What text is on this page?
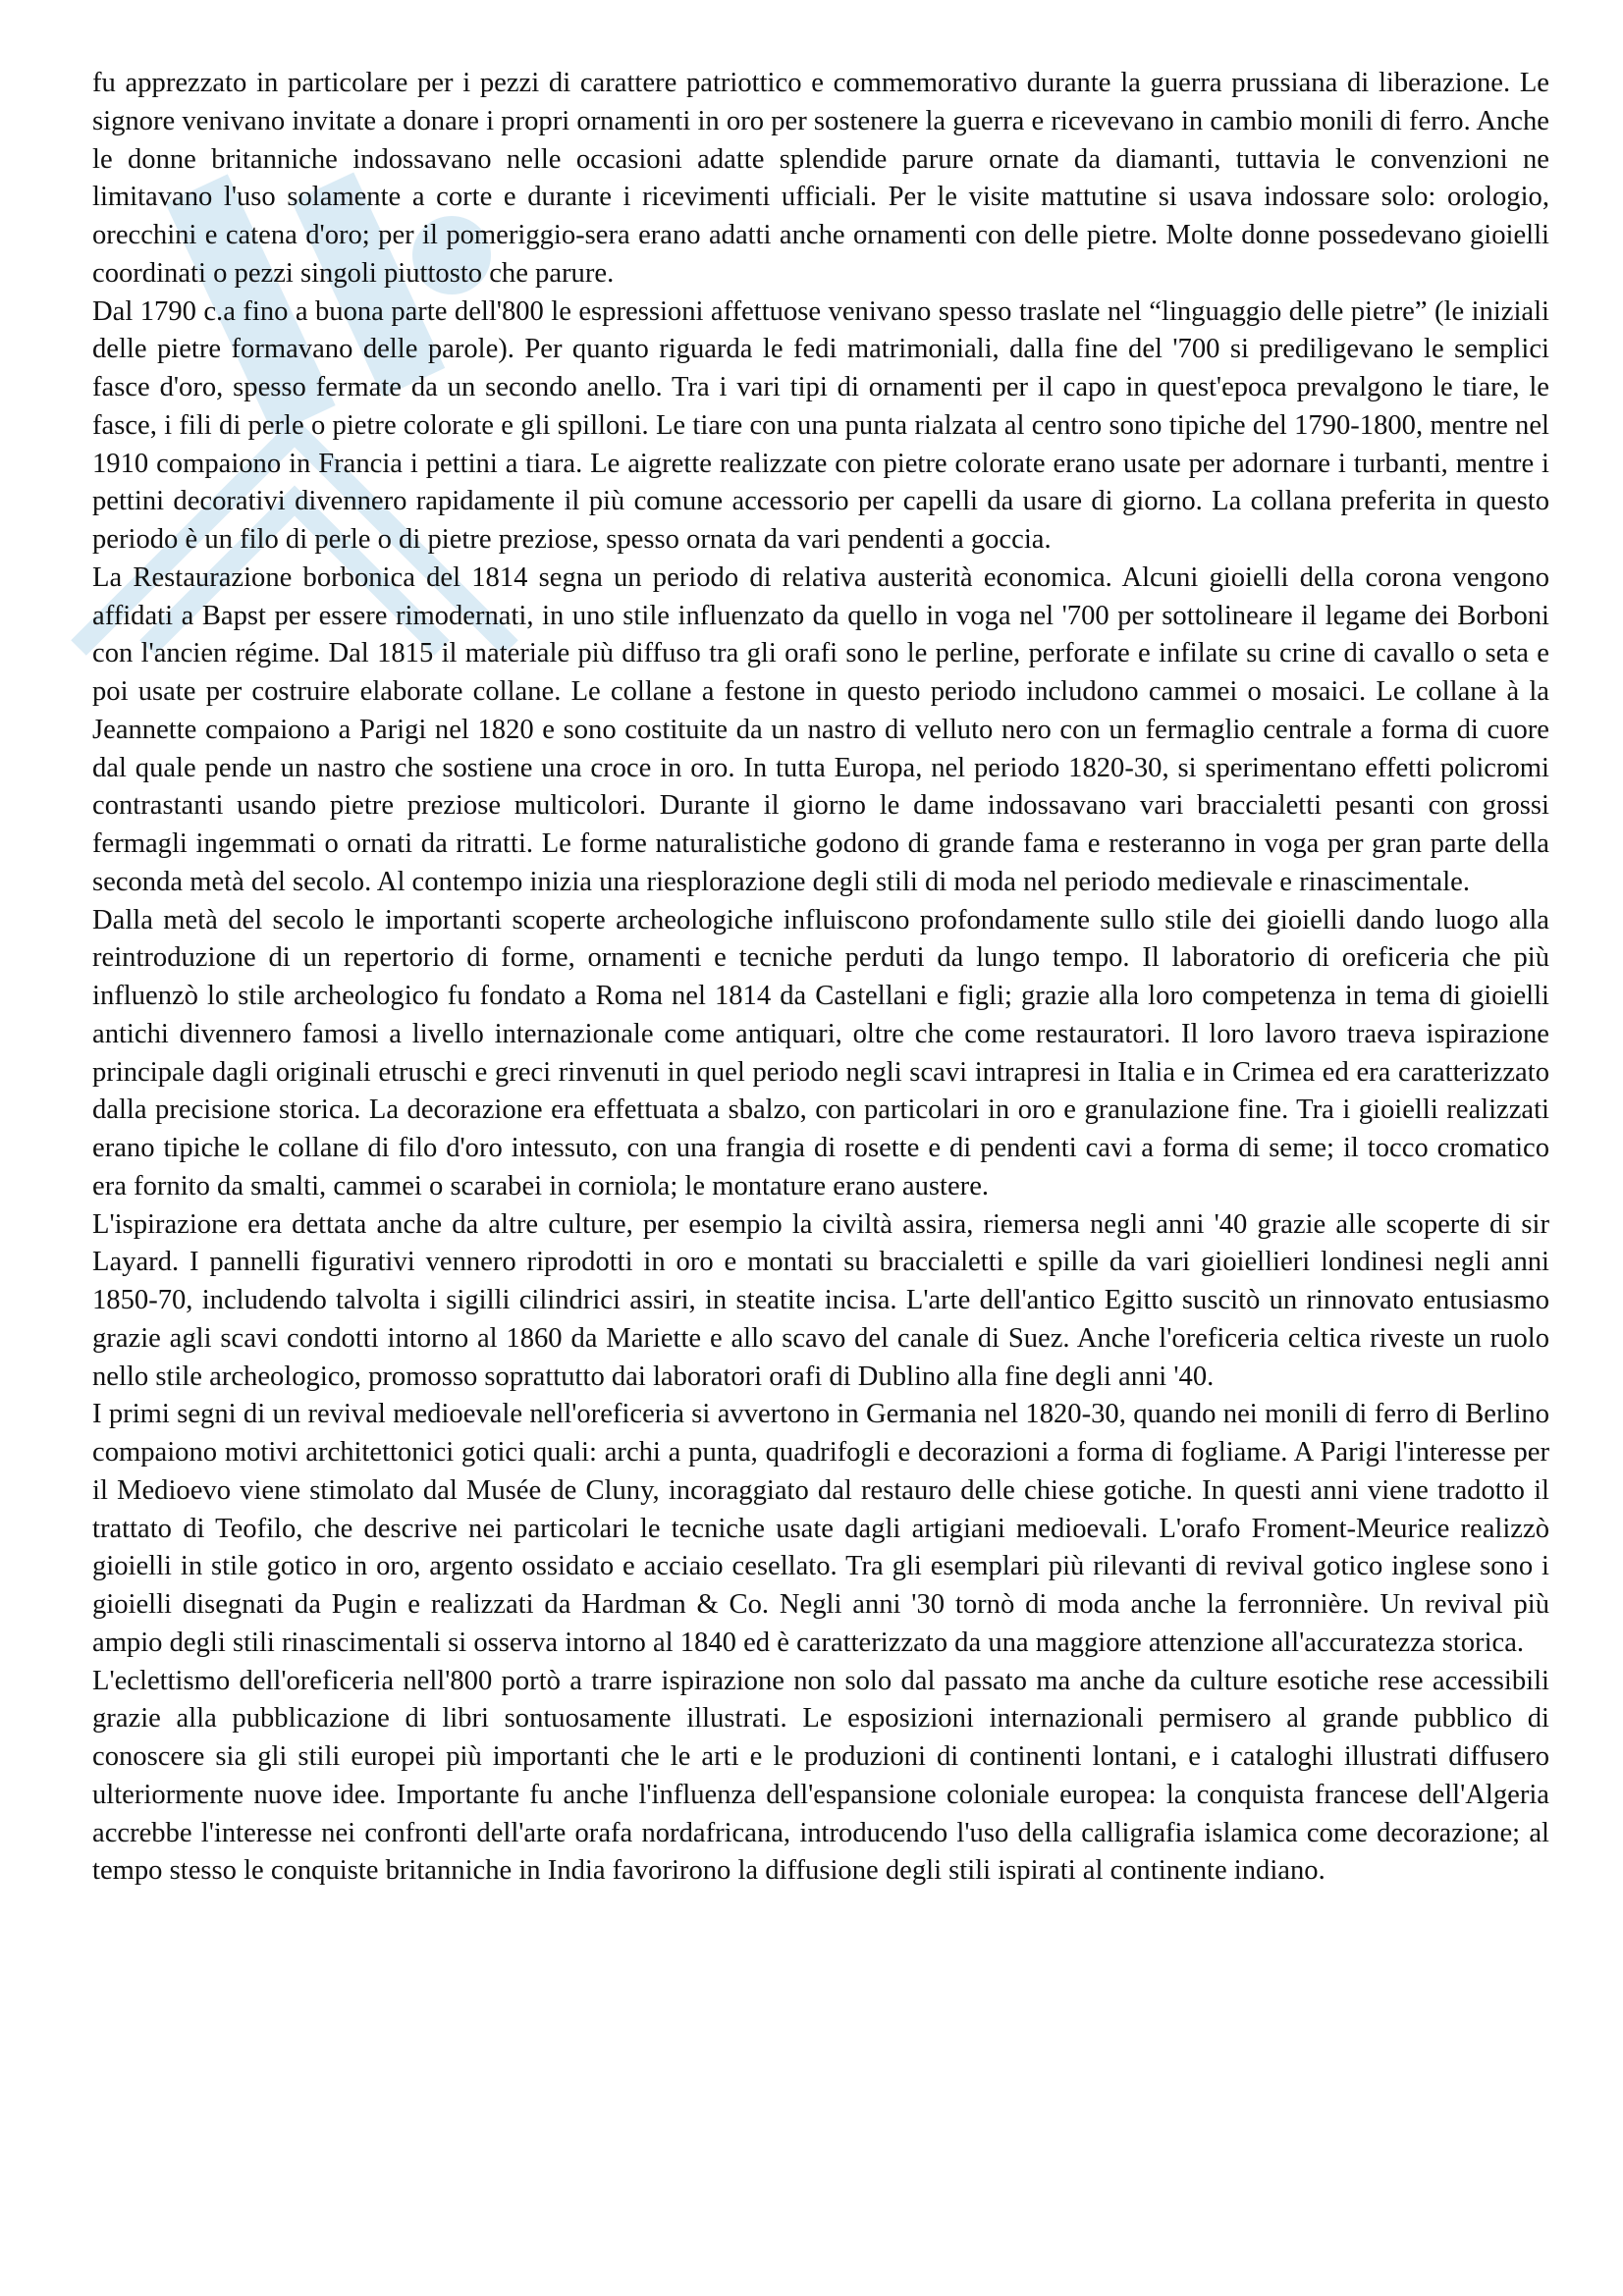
fu apprezzato in particolare per i pezzi di carattere patriottico e commemorativo durante la guerra prussiana di liberazione. Le signore venivano invitate a donare i propri ornamenti in oro per sostenere la guerra e ricevevano in cambio monili di ferro. Anche le donne britanniche indossavano nelle occasioni adatte splendide parure ornate da diamanti, tuttavia le convenzioni ne limitavano l'uso solamente a corte e durante i ricevimenti ufficiali. Per le visite mattutine si usava indossare solo: orologio, orecchini e catena d'oro; per il pomeriggio-sera erano adatti anche ornamenti con delle pietre. Molte donne possedevano gioielli coordinati o pezzi singoli piuttosto che parure.

Dal 1790 c.a fino a buona parte dell'800 le espressioni affettuose venivano spesso traslate nel “linguaggio delle pietre” (le iniziali delle pietre formavano delle parole). Per quanto riguarda le fedi matrimoniali, dalla fine del '700 si prediligevano le semplici fasce d'oro, spesso fermate da un secondo anello. Tra i vari tipi di ornamenti per il capo in quest'epoca prevalgono le tiare, le fasce, i fili di perle o pietre colorate e gli spilloni. Le tiare con una punta rialzata al centro sono tipiche del 1790-1800, mentre nel 1910 compaiono in Francia i pettini a tiara. Le aigrette realizzate con pietre colorate erano usate per adornare i turbanti, mentre i pettini decorativi divennero rapidamente il più comune accessorio per capelli da usare di giorno. La collana preferita in questo periodo è un filo di perle o di pietre preziose, spesso ornata da vari pendenti a goccia.

La Restaurazione borbonica del 1814 segna un periodo di relativa austerità economica. Alcuni gioielli della corona vengono affidati a Bapst per essere rimodernati, in uno stile influenzato da quello in voga nel '700 per sottolineare il legame dei Borboni con l'ancien régime. Dal 1815 il materiale più diffuso tra gli orafi sono le perline, perforate e infilate su crine di cavallo o seta e poi usate per costruire elaborate collane. Le collane a festone in questo periodo includono cammei o mosaici. Le collane à la Jeannette compaiono a Parigi nel 1820 e sono costituite da un nastro di velluto nero con un fermaglio centrale a forma di cuore dal quale pende un nastro che sostiene una croce in oro. In tutta Europa, nel periodo 1820-30, si sperimentano effetti policromi contrastanti usando pietre preziose multicolori. Durante il giorno le dame indossavano vari braccialetti pesanti con grossi fermagli ingemmati o ornati da ritratti. Le forme naturalistiche godono di grande fama e resteranno in voga per gran parte della seconda metà del secolo. Al contempo inizia una riesplorazione degli stili di moda nel periodo medievale e rinascimentale.

Dalla metà del secolo le importanti scoperte archeologiche influiscono profondamente sullo stile dei gioielli dando luogo alla reintroduzione di un repertorio di forme, ornamenti e tecniche perduti da lungo tempo. Il laboratorio di oreficeria che più influenzò lo stile archeologico fu fondato a Roma nel 1814 da Castellani e figli; grazie alla loro competenza in tema di gioielli antichi divennero famosi a livello internazionale come antiquari, oltre che come restauratori. Il loro lavoro traeva ispirazione principale dagli originali etruschi e greci rinvenuti in quel periodo negli scavi intrapresi in Italia e in Crimea ed era caratterizzato dalla precisione storica. La decorazione era effettuata a sbalzo, con particolari in oro e granulazione fine. Tra i gioielli realizzati erano tipiche le collane di filo d'oro intessuto, con una frangia di rosette e di pendenti cavi a forma di seme; il tocco cromatico era fornito da smalti, cammei o scarabei in corniola; le montature erano austere.

L'ispirazione era dettata anche da altre culture, per esempio la civiltà assira, riemersa negli anni '40 grazie alle scoperte di sir Layard. I pannelli figurativi vennero riprodotti in oro e montati su braccialetti e spille da vari gioiellieri londinesi negli anni 1850-70, includendo talvolta i sigilli cilindrici assiri, in steatite incisa. L'arte dell'antico Egitto suscitò un rinnovato entusiasmo grazie agli scavi condotti intorno al 1860 da Mariette e allo scavo del canale di Suez. Anche l'oreficeria celtica riveste un ruolo nello stile archeologico, promosso soprattutto dai laboratori orafi di Dublino alla fine degli anni '40.

I primi segni di un revival medioevale nell'oreficeria si avvertono in Germania nel 1820-30, quando nei monili di ferro di Berlino compaiono motivi architettonici gotici quali: archi a punta, quadrifogli e decorazioni a forma di fogliame. A Parigi l'interesse per il Medioevo viene stimolato dal Musée de Cluny, incoraggiato dal restauro delle chiese gotiche. In questi anni viene tradotto il trattato di Teofilo, che descrive nei particolari le tecniche usate dagli artigiani medioevali. L'orafo Froment-Meurice realizzò gioielli in stile gotico in oro, argento ossidato e acciaio cesellato. Tra gli esemplari più rilevanti di revival gotico inglese sono i gioielli disegnati da Pugin e realizzati da Hardman & Co. Negli anni '30 tornò di moda anche la ferronnière. Un revival più ampio degli stili rinascimentali si osserva intorno al 1840 ed è caratterizzato da una maggiore attenzione all'accuratezza storica.

L'eclettismo dell'oreficeria nell'800 portò a trarre ispirazione non solo dal passato ma anche da culture esotiche rese accessibili grazie alla pubblicazione di libri sontuosamente illustrati. Le esposizioni internazionali permisero al grande pubblico di conoscere sia gli stili europei più importanti che le arti e le produzioni di continenti lontani, e i cataloghi illustrati diffusero ulteriormente nuove idee. Importante fu anche l'influenza dell'espansione coloniale europea: la conquista francese dell'Algeria accrebbe l'interesse nei confronti dell'arte orafa nordafricana, introducendo l'uso della calligrafia islamica come decorazione; al tempo stesso le conquiste britanniche in India favorirono la diffusione degli stili ispirati al continente indiano.
